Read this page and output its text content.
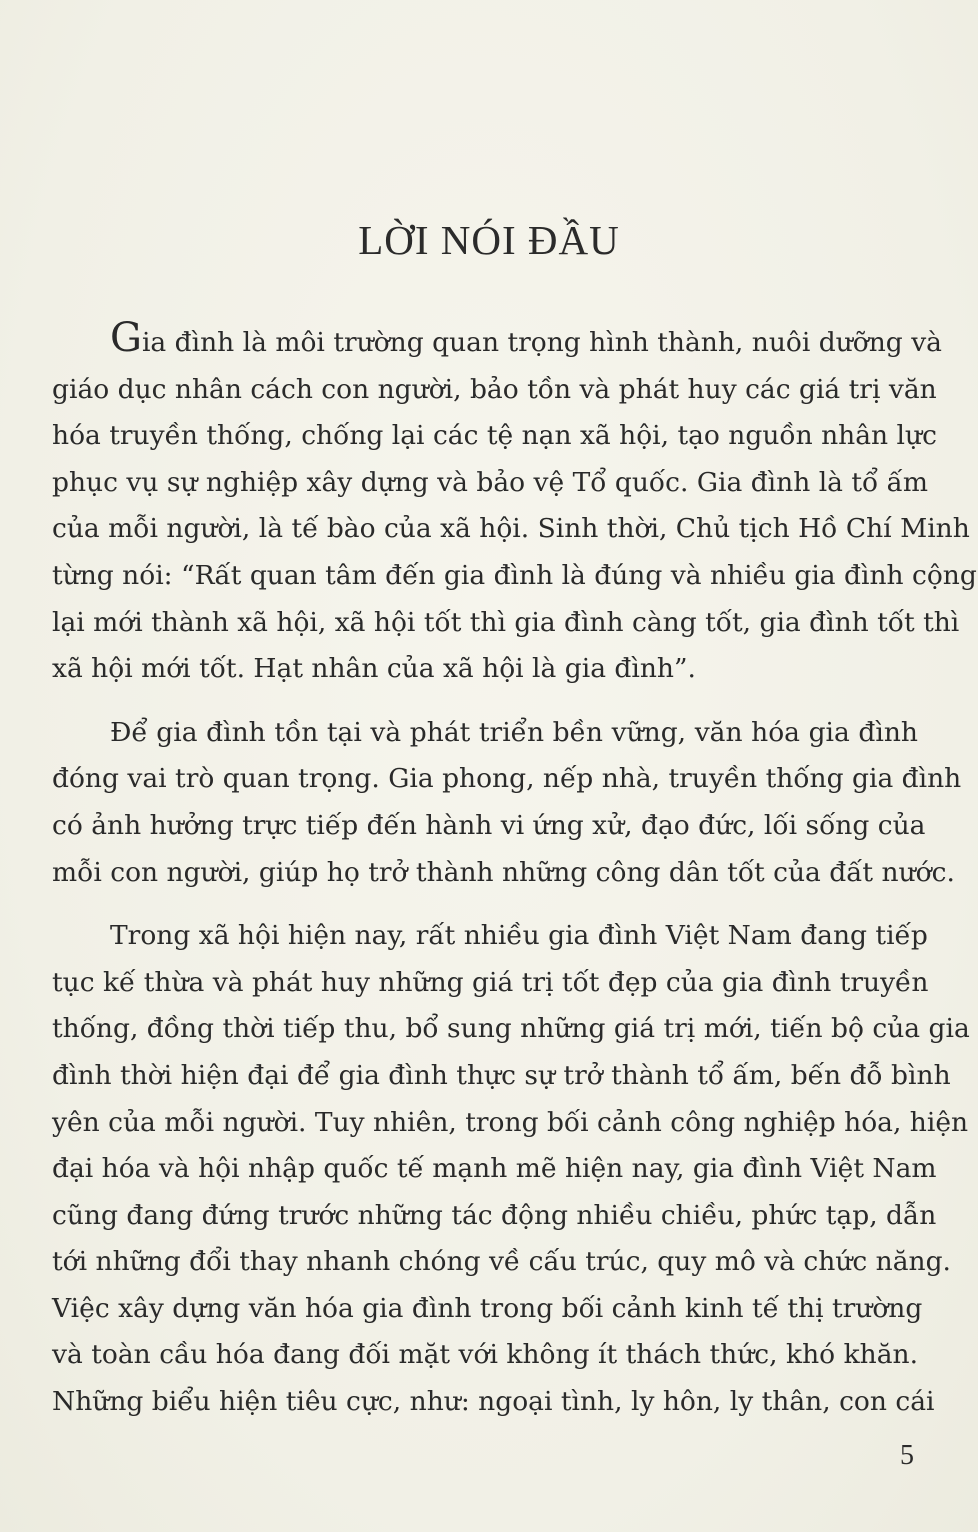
LỜI NÓI ĐẦU
Gia đình là môi trường quan trọng hình thành, nuôi dưỡng và
giáo dục nhân cách con người, bảo tồn và phát huy các giá trị văn
hóa truyền thống, chống lại các tệ nạn xã hội, tạo nguồn nhân lực
phục vụ sự nghiệp xây dựng và bảo vệ Tổ quốc. Gia đình là tổ ấm
của mỗi người, là tế bào của xã hội. Sinh thời, Chủ tịch Hồ Chí Minh
từng nói: “Rất quan tâm đến gia đình là đúng và nhiều gia đình cộng
lại mới thành xã hội, xã hội tốt thì gia đình càng tốt, gia đình tốt thì
xã hội mới tốt. Hạt nhân của xã hội là gia đình”.
Để gia đình tồn tại và phát triển bền vững, văn hóa gia đình
đóng vai trò quan trọng. Gia phong, nếp nhà, truyền thống gia đình
có ảnh hưởng trực tiếp đến hành vi ứng xử, đạo đức, lối sống của
mỗi con người, giúp họ trở thành những công dân tốt của đất nước.
Trong xã hội hiện nay, rất nhiều gia đình Việt Nam đang tiếp
tục kế thừa và phát huy những giá trị tốt đẹp của gia đình truyền
thống, đồng thời tiếp thu, bổ sung những giá trị mới, tiến bộ của gia
đình thời hiện đại để gia đình thực sự trở thành tổ ấm, bến đỗ bình
yên của mỗi người. Tuy nhiên, trong bối cảnh công nghiệp hóa, hiện
đại hóa và hội nhập quốc tế mạnh mẽ hiện nay, gia đình Việt Nam
cũng đang đứng trước những tác động nhiều chiều, phức tạp, dẫn
tới những đổi thay nhanh chóng về cấu trúc, quy mô và chức năng.
Việc xây dựng văn hóa gia đình trong bối cảnh kinh tế thị trường
và toàn cầu hóa đang đối mặt với không ít thách thức, khó khăn.
Những biểu hiện tiêu cực, như: ngoại tình, ly hôn, ly thân, con cái
5
